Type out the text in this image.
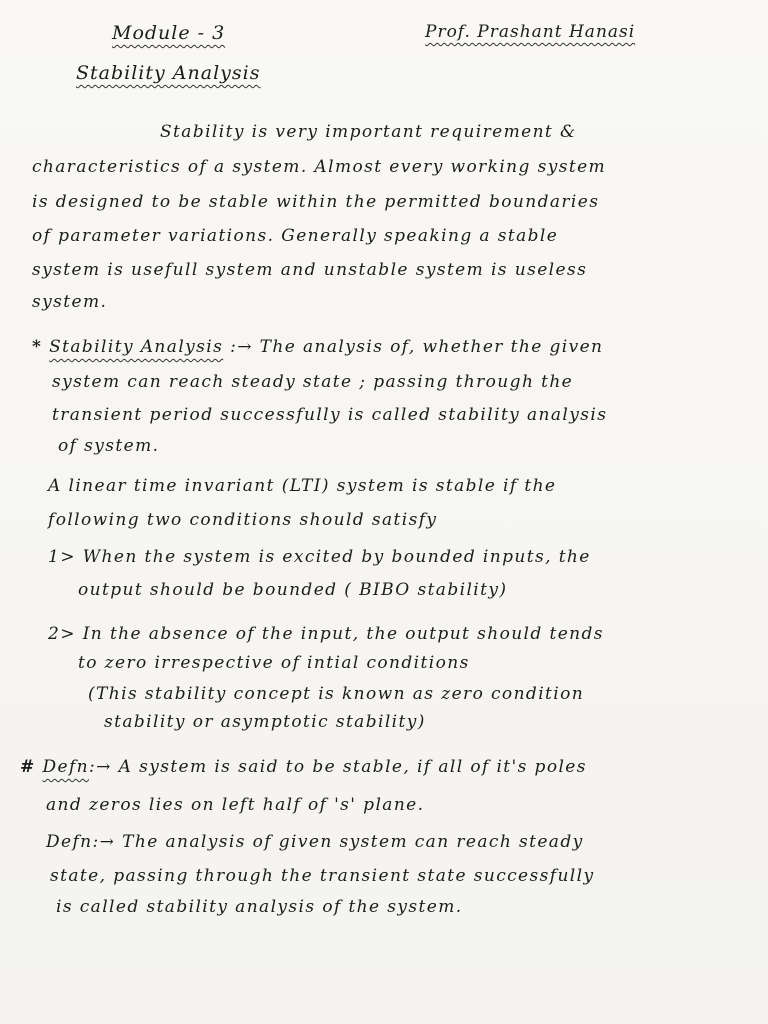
Module - 3	Prof. Prashant Hanasi
Stability Analysis
Stability is very important requirement &
characteristics of a system. Almost every working system
is designed to be stable within the permitted boundaries
of parameter variations. Generally speaking a stable
system is usefull system and unstable system is useless
system.
* Stability Analysis :→ The analysis of, whether the given
system can reach steady state ; passing through the
transient period successfully is called stability analysis
of system.
A linear time invariant (LTI) system is stable if the
following two conditions should satisfy
1> When the system is excited by bounded inputs, the
output should be bounded ( BIBO stability)
2> In the absence of the input, the output should tends
to zero irrespective of intial conditions
(This stability concept is known as zero condition
stability or asymptotic stability)
# Defn:→ A system is said to be stable, if all of it's poles
and zeros lies on left half of 's' plane.
Defn:→ The analysis of given system can reach steady
state, passing through the transient state successfully
is called stability analysis of the system.
